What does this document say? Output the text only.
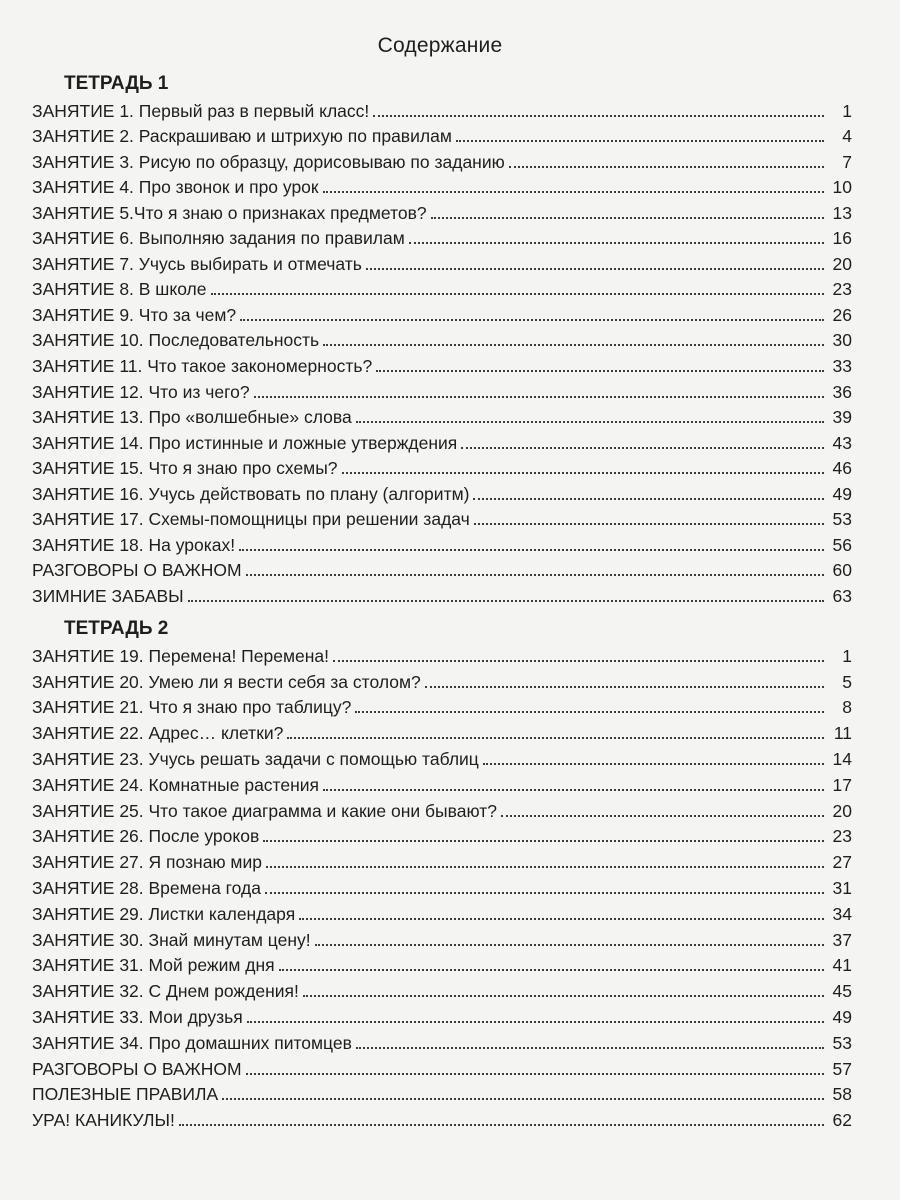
Содержание
ТЕТРАДЬ 1
ЗАНЯТИЕ 1. Первый раз в первый класс!	1
ЗАНЯТИЕ 2. Раскрашиваю и штрихую по правилам	4
ЗАНЯТИЕ 3. Рисую по образцу, дорисовываю по заданию	7
ЗАНЯТИЕ 4. Про звонок и про урок	10
ЗАНЯТИЕ 5.Что я знаю о признаках предметов?	13
ЗАНЯТИЕ 6. Выполняю задания по правилам	16
ЗАНЯТИЕ 7. Учусь выбирать и отмечать	20
ЗАНЯТИЕ 8. В школе	23
ЗАНЯТИЕ 9. Что за чем?	26
ЗАНЯТИЕ 10. Последовательность	30
ЗАНЯТИЕ 11. Что такое закономерность?	33
ЗАНЯТИЕ 12. Что из чего?	36
ЗАНЯТИЕ 13. Про «волшебные» слова	39
ЗАНЯТИЕ 14. Про истинные и ложные утверждения	43
ЗАНЯТИЕ 15. Что я знаю про схемы?	46
ЗАНЯТИЕ 16. Учусь действовать по плану (алгоритм)	49
ЗАНЯТИЕ 17. Схемы-помощницы при решении задач	53
ЗАНЯТИЕ 18. На уроках!	56
РАЗГОВОРЫ О ВАЖНОМ	60
ЗИМНИЕ ЗАБАВЫ	63
ТЕТРАДЬ 2
ЗАНЯТИЕ 19. Перемена! Перемена!	1
ЗАНЯТИЕ 20. Умею ли я вести себя за столом?	5
ЗАНЯТИЕ 21. Что я знаю про таблицу?	8
ЗАНЯТИЕ 22. Адрес… клетки?	11
ЗАНЯТИЕ 23. Учусь решать задачи с помощью таблиц	14
ЗАНЯТИЕ 24. Комнатные растения	17
ЗАНЯТИЕ 25. Что такое диаграмма и какие они бывают?	20
ЗАНЯТИЕ 26. После уроков	23
ЗАНЯТИЕ 27. Я познаю мир	27
ЗАНЯТИЕ 28. Времена года	31
ЗАНЯТИЕ 29. Листки календаря	34
ЗАНЯТИЕ 30. Знай минутам цену!	37
ЗАНЯТИЕ 31. Мой режим дня	41
ЗАНЯТИЕ 32. С Днем рождения!	45
ЗАНЯТИЕ 33. Мои друзья	49
ЗАНЯТИЕ 34. Про домашних питомцев	53
РАЗГОВОРЫ О ВАЖНОМ	57
ПОЛЕЗНЫЕ ПРАВИЛА	58
УРА! КАНИКУЛЫ!	62
